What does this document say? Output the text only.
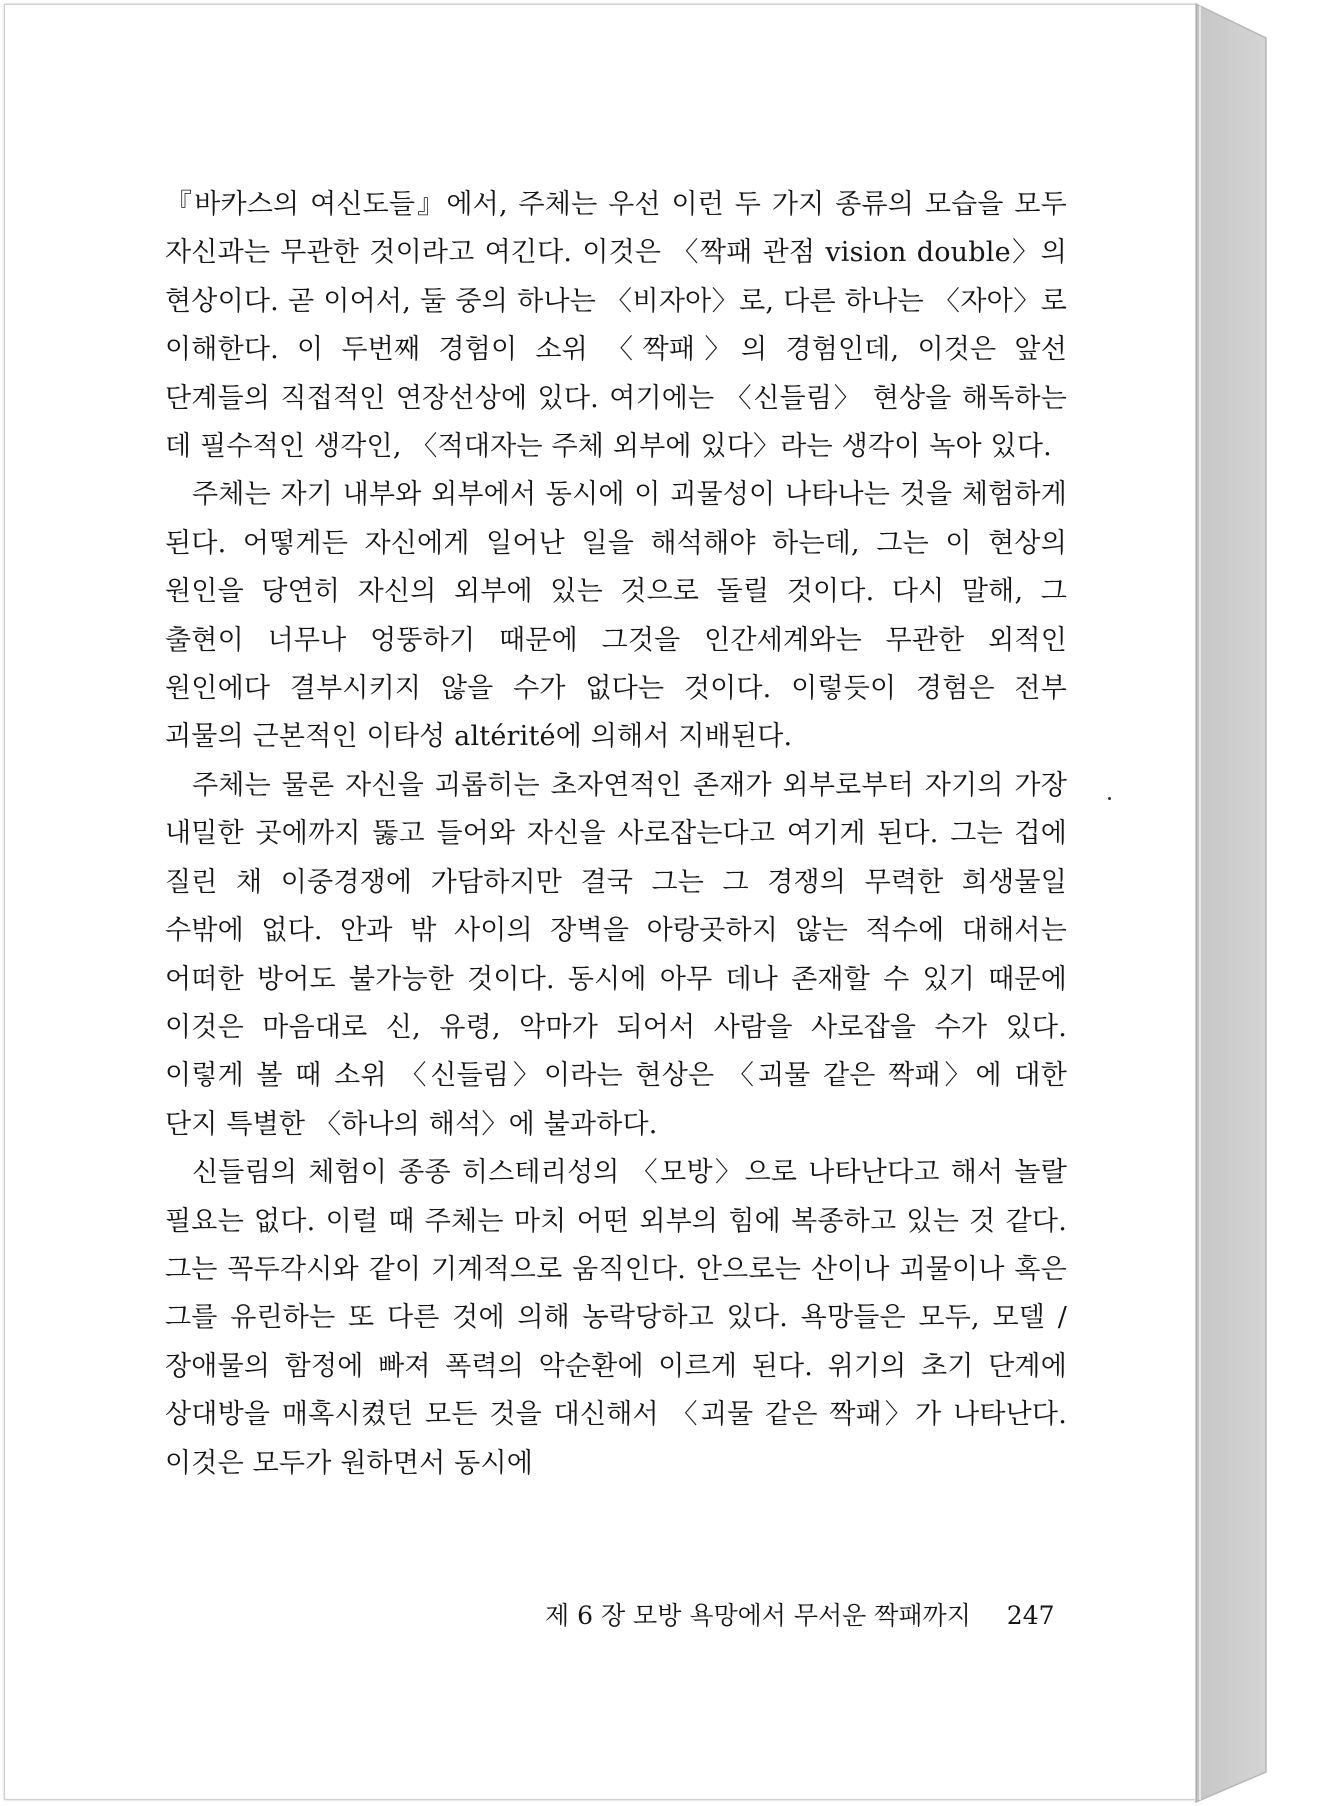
『바카스의 여신도들』에서, 주체는 우선 이런 두 가지 종류의 모습을 모두 자신과는 무관한 것이라고 여긴다. 이것은 〈짝패 관점 vision double〉의 현상이다. 곧 이어서, 둘 중의 하나는 〈비자아〉로, 다른 하나는 〈자아〉로 이해한다. 이 두번째 경험이 소위 〈짝패〉의 경험인데, 이것은 앞선 단계들의 직접적인 연장선상에 있다. 여기에는 〈신들림〉 현상을 해독하는 데 필수적인 생각인, 〈적대자는 주체 외부에 있다〉라는 생각이 녹아 있다.

주체는 자기 내부와 외부에서 동시에 이 괴물성이 나타나는 것을 체험하게 된다. 어떻게든 자신에게 일어난 일을 해석해야 하는데, 그는 이 현상의 원인을 당연히 자신의 외부에 있는 것으로 돌릴 것이다. 다시 말해, 그 출현이 너무나 엉뚱하기 때문에 그것을 인간세계와는 무관한 외적인 원인에다 결부시키지 않을 수가 없다는 것이다. 이렇듯이 경험은 전부 괴물의 근본적인 이타성 altérité에 의해서 지배된다.

주체는 물론 자신을 괴롭히는 초자연적인 존재가 외부로부터 자기의 가장 내밀한 곳에까지 뚫고 들어와 자신을 사로잡는다고 여기게 된다. 그는 겁에 질린 채 이중경쟁에 가담하지만 결국 그는 그 경쟁의 무력한 희생물일 수밖에 없다. 안과 밖 사이의 장벽을 아랑곳하지 않는 적수에 대해서는 어떠한 방어도 불가능한 것이다. 동시에 아무 데나 존재할 수 있기 때문에 이것은 마음대로 신, 유령, 악마가 되어서 사람을 사로잡을 수가 있다. 이렇게 볼 때 소위 〈신들림〉이라는 현상은 〈괴물 같은 짝패〉에 대한 단지 특별한 〈하나의 해석〉에 불과하다.

신들림의 체험이 종종 히스테리성의 〈모방〉으로 나타난다고 해서 놀랄 필요는 없다. 이럴 때 주체는 마치 어떤 외부의 힘에 복종하고 있는 것 같다. 그는 꼭두각시와 같이 기계적으로 움직인다. 안으로는 산이나 괴물이나 혹은 그를 유린하는 또 다른 것에 의해 농락당하고 있다. 욕망들은 모두, 모델 / 장애물의 함정에 빠져 폭력의 악순환에 이르게 된다. 위기의 초기 단계에 상대방을 매혹시켰던 모든 것을 대신해서 〈괴물 같은 짝패〉가 나타난다. 이것은 모두가 원하면서 동시에

제 6 장 모방 욕망에서 무서운 짝패까지 247
